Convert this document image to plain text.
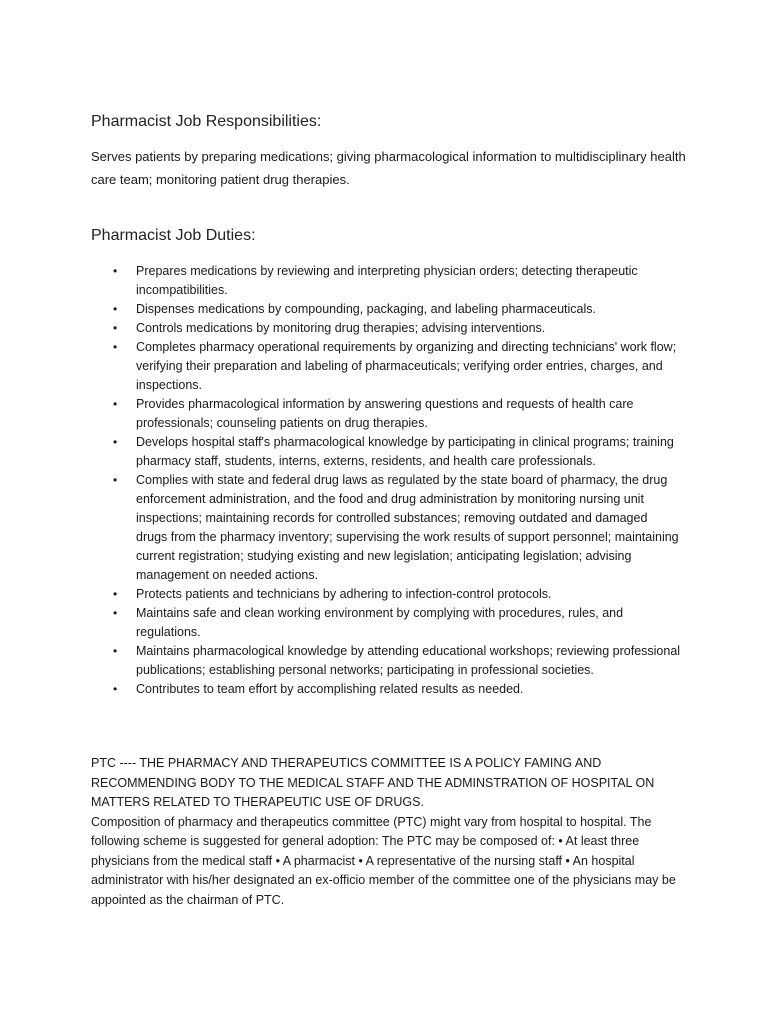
Pharmacist Job Responsibilities:
Serves patients by preparing medications; giving pharmacological information to multidisciplinary health care team; monitoring patient drug therapies.
Pharmacist Job Duties:
• Prepares medications by reviewing and interpreting physician orders; detecting therapeutic incompatibilities.
• Dispenses medications by compounding, packaging, and labeling pharmaceuticals.
• Controls medications by monitoring drug therapies; advising interventions.
• Completes pharmacy operational requirements by organizing and directing technicians' work flow; verifying their preparation and labeling of pharmaceuticals; verifying order entries, charges, and inspections.
• Provides pharmacological information by answering questions and requests of health care professionals; counseling patients on drug therapies.
• Develops hospital staff's pharmacological knowledge by participating in clinical programs; training pharmacy staff, students, interns, externs, residents, and health care professionals.
• Complies with state and federal drug laws as regulated by the state board of pharmacy, the drug enforcement administration, and the food and drug administration by monitoring nursing unit inspections; maintaining records for controlled substances; removing outdated and damaged drugs from the pharmacy inventory; supervising the work results of support personnel; maintaining current registration; studying existing and new legislation; anticipating legislation; advising management on needed actions.
• Protects patients and technicians by adhering to infection-control protocols.
• Maintains safe and clean working environment by complying with procedures, rules, and regulations.
• Maintains pharmacological knowledge by attending educational workshops; reviewing professional publications; establishing personal networks; participating in professional societies.
• Contributes to team effort by accomplishing related results as needed.

PTC ---- THE PHARMACY AND THERAPEUTICS COMMITTEE IS A POLICY FAMING AND RECOMMENDING BODY TO THE MEDICAL STAFF AND THE ADMINSTRATION OF HOSPITAL ON MATTERS RELATED TO THERAPEUTIC USE OF DRUGS.

Composition of pharmacy and therapeutics committee (PTC) might vary from hospital to hospital. The following scheme is suggested for general adoption: The PTC may be composed of: • At least three physicians from the medical staff • A pharmacist • A representative of the nursing staff • An hospital administrator with his/her designated an ex-officio member of the committee one of the physicians may be appointed as the chairman of PTC.
